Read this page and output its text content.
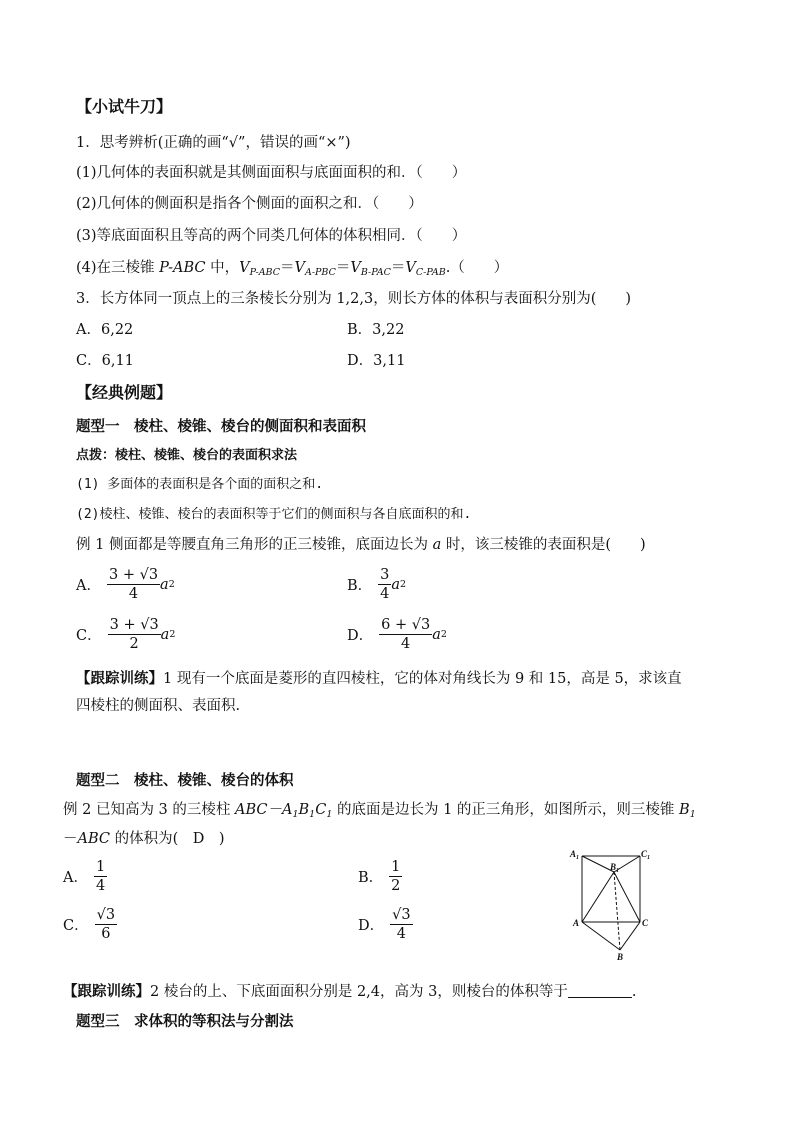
【小试牛刀】
1．思考辨析(正确的画“√”，错误的画“×”)
(1)几何体的表面积就是其侧面面积与底面面积的和．（　　）
(2)几何体的侧面积是指各个侧面的面积之和．（　　）
(3)等底面面积且等高的两个同类几何体的体积相同．（　　）
(4)在三棱锥 P-ABC 中，$V_{P-ABC}=V_{A-PBC}=V_{B-PAC}=V_{C-PAB}$.（　　）
3．长方体同一顶点上的三条棱长分别为 1,2,3，则长方体的体积与表面积分别为(　　)
A．6,22	B．3,22
C．6,11	D．3,11
【经典例题】
题型一　棱柱、棱锥、棱台的侧面积和表面积
点拨：棱柱、棱锥、棱台的表面积求法
(1) 多面体的表面积是各个面的面积之和.
(2)棱柱、棱锥、棱台的表面积等于它们的侧面积与各自底面积的和.
例 1 侧面都是等腰直角三角形的正三棱锥，底面边长为 a 时，该三棱锥的表面积是(　　)
A． $\frac{3 + √3}{4}$ a 2	B． $\frac{3}{4}$ a 2
C． $\frac{3 + √3}{2}$ a 2	D． $\frac{6 + √3}{4}$ a 2
【跟踪训练】1 现有一个底面是菱形的直四棱柱，它的体对角线长为 9 和 15，高是 5，求该直
四棱柱的侧面积、表面积.
题型二　棱柱、棱锥、棱台的体积
例 2 已知高为 3 的三棱柱 $ABC-A_1B_1C_1$ 的底面是边长为 1 的正三角形，如图所示，则三棱锥 $B_1$
－ABC 的体积为(　D　)
A． $\frac{1}{4}$	B． $\frac{1}{2}$
C． $\frac{√3}{6}$	D． $\frac{√3}{4}$
$A_1$	$C_1$
$B_1$
A	C
B
【跟踪训练】2 棱台的上、下底面面积分别是 2,4，高为 3，则棱台的体积等于	.
题型三　求体积的等积法与分割法
